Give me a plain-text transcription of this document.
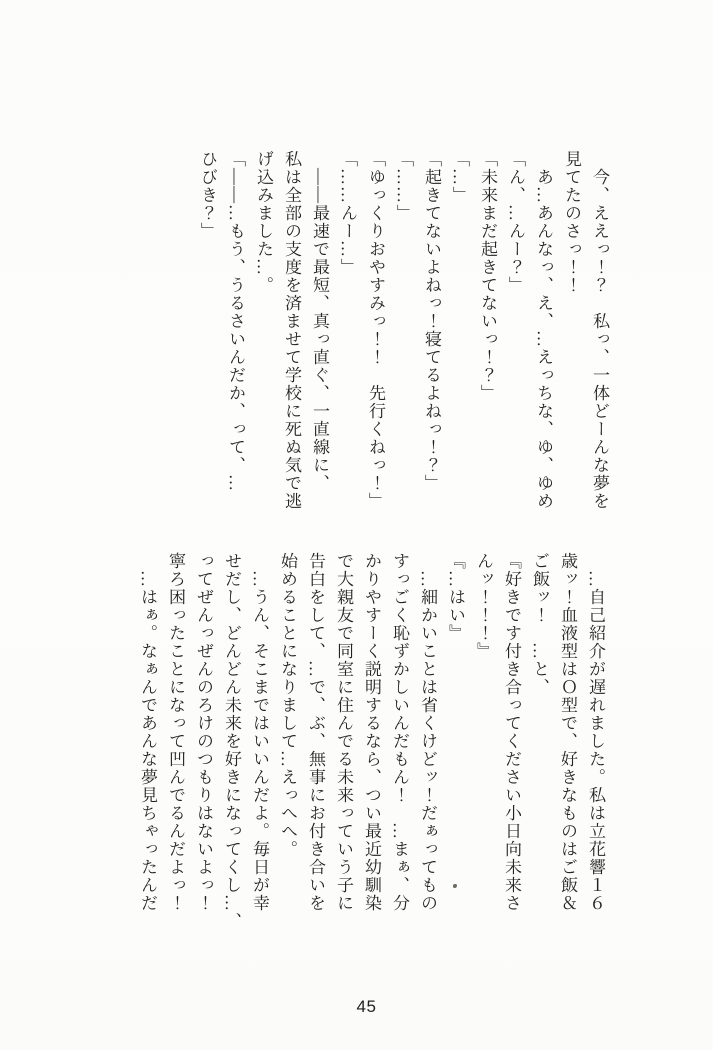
　今、ええっ！？　私っ、一体どーんな夢を

見てたのさっ！！

　あ…あんなっ、え、…えっちな、ゆ、ゆめ

「ん、…んー？」

「未来まだ起きてないっ！？」

「…」

「起きてないよねっ！寝てるよねっ！？」

「……」

「ゆっくりおやすみっ！！　先行くねっ！」

「……んー…」

　――最速で最短、真っ直ぐ、一直線に、

私は全部の支度を済ませて学校に死ぬ気で逃

げ込みました…。

「――…もう、うるさいんだか、って、…

ひびき？」

　…自己紹介が遅れました。私は立花響１６

歳ッ！血液型はＯ型で、好きなものはご飯＆

ご飯ッ！　…と、

『好きです付き合ってください小日向未来さ

んッ！！！』

『…はい』

　…細かいことは省くけどッ！だぁってもの

すっごく恥ずかしいんだもん！　…まぁ、分

かりやすーく説明するなら、つい最近幼馴染

で大親友で同室に住んでる未来っていう子に

告白をして、…で、ぶ、無事にお付き合いを

始めることになりまして…えっへへ。

　…うん、そこまではいいんだよ。毎日が幸

せだし、どんどん未来を好きになってくし…、

ってぜんっぜんのろけのつもりはないよっ！

寧ろ困ったことになって凹んでるんだよっ！

　…はぁ。なぁんであんな夢見ちゃったんだ

45
